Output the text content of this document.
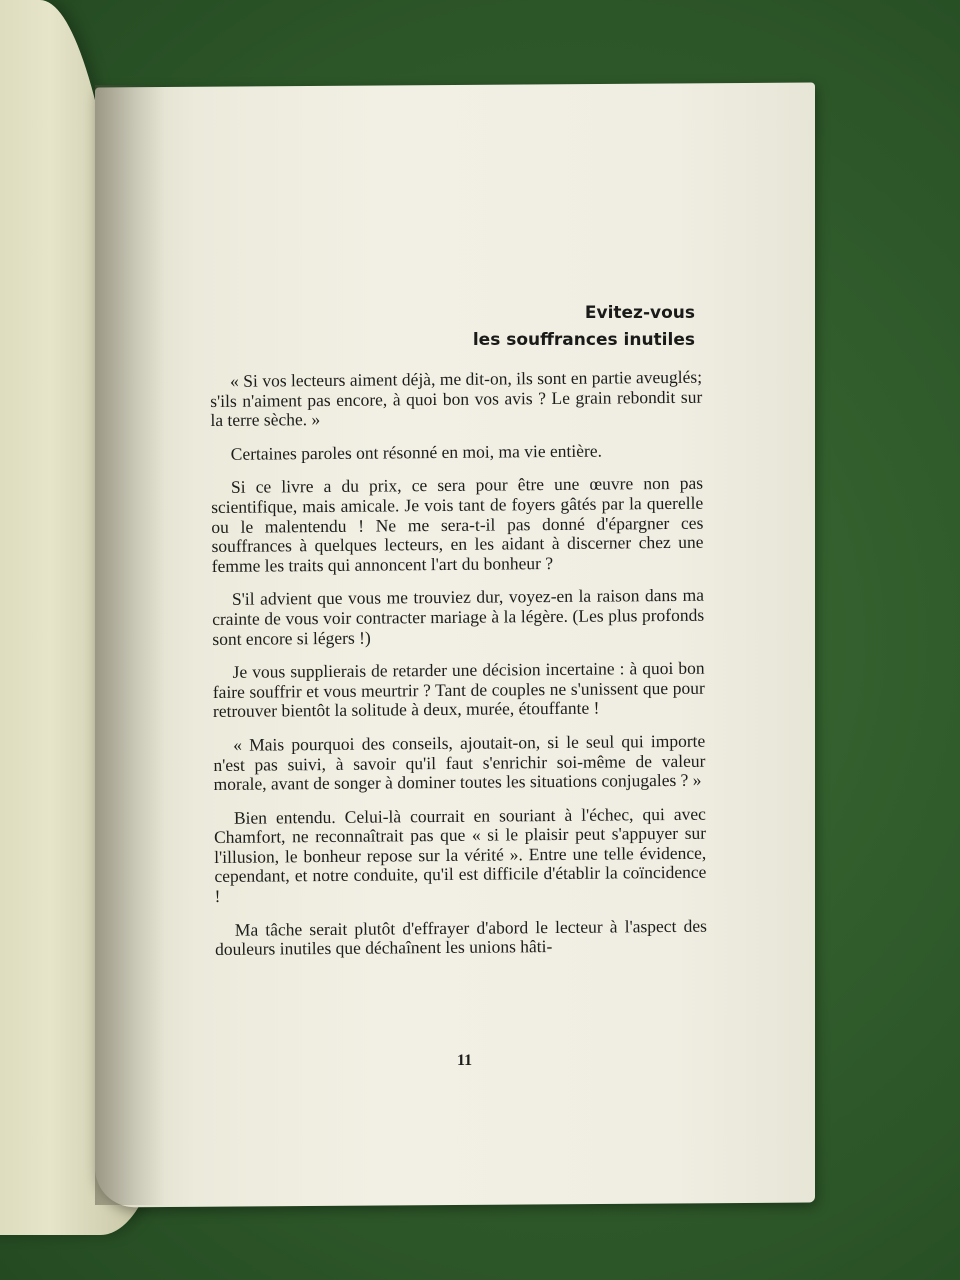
Evitez-vous
les souffrances inutiles

« Si vos lecteurs aiment déjà, me dit-on, ils sont en partie aveuglés; s'ils n'aiment pas encore, à quoi bon vos avis ? Le grain rebondit sur la terre sèche. »

Certaines paroles ont résonné en moi, ma vie entière.

Si ce livre a du prix, ce sera pour être une œuvre non pas scientifique, mais amicale. Je vois tant de foyers gâtés par la querelle ou le malentendu ! Ne me sera-t-il pas donné d'épargner ces souffrances à quelques lecteurs, en les aidant à discerner chez une femme les traits qui annoncent l'art du bonheur ?

S'il advient que vous me trouviez dur, voyez-en la raison dans ma crainte de vous voir contracter mariage à la légère. (Les plus profonds sont encore si légers !)

Je vous supplierais de retarder une décision incertaine : à quoi bon faire souffrir et vous meurtrir ? Tant de couples ne s'unissent que pour retrouver bientôt la solitude à deux, murée, étouffante !

« Mais pourquoi des conseils, ajoutait-on, si le seul qui importe n'est pas suivi, à savoir qu'il faut s'enrichir soi-même de valeur morale, avant de songer à dominer toutes les situations conjugales ? »

Bien entendu. Celui-là courrait en souriant à l'échec, qui avec Chamfort, ne reconnaîtrait pas que « si le plaisir peut s'appuyer sur l'illusion, le bonheur repose sur la vérité ». Entre une telle évidence, cependant, et notre conduite, qu'il est difficile d'établir la coïncidence !

Ma tâche serait plutôt d'effrayer d'abord le lecteur à l'aspect des douleurs inutiles que déchaînent les unions hâti-

11
